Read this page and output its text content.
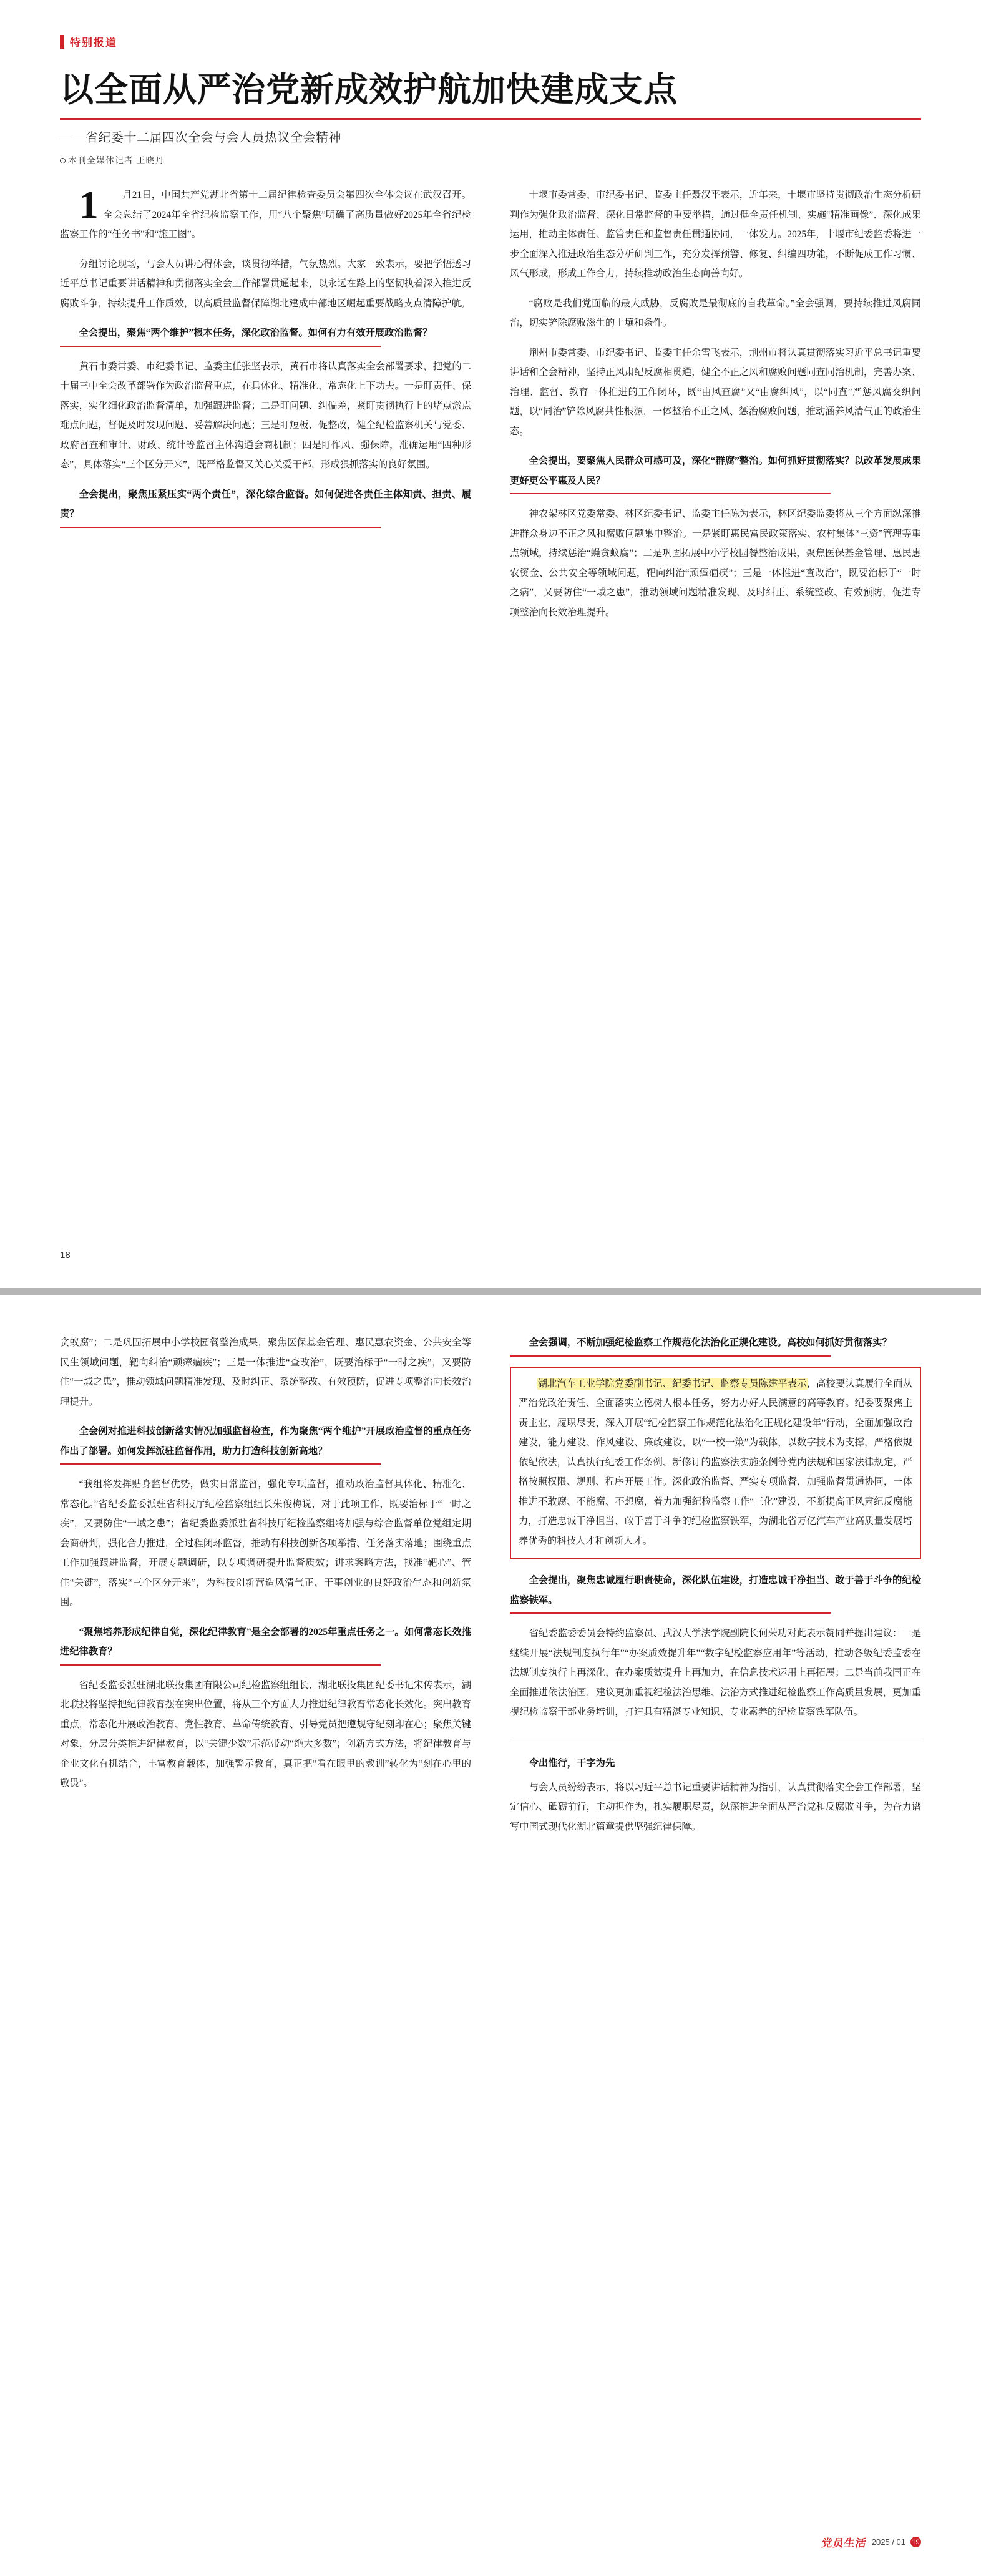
特别报道
以全面从严治党新成效护航加快建成支点
——省纪委十二届四次全会与会人员热议全会精神
本刊全媒体记者 王晓丹

1	月21日，中国共产党湖北省第十二届纪律检查委员会第四次全体会议在武汉召开。全会总结了2024年全省纪检监察工作，用“八个聚焦”明确了高质量做好2025年全省纪检监察工作的“任务书”和“施工图”。

分组讨论现场，与会人员讲心得体会，谈贯彻举措，气氛热烈。大家一致表示，要把学悟透习近平总书记重要讲话精神和贯彻落实全会工作部署贯通起来，以永远在路上的坚韧执着深入推进反腐败斗争，持续提升工作质效，以高质量监督保障湖北建成中部地区崛起重要战略支点清障护航。

全会提出，聚焦“两个维护”根本任务，深化政治监督。如何有力有效开展政治监督？

黄石市委常委、市纪委书记、监委主任张坚表示，黄石市将认真落实全会部署要求，把党的二十届三中全会改革部署作为政治监督重点，在具体化、精准化、常态化上下功夫。一是盯责任、保落实，实化细化政治监督清单，加强跟进监督；二是盯问题、纠偏差，紧盯贯彻执行上的堵点淤点难点问题，督促及时发现问题、妥善解决问题；三是盯短板、促整改，健全纪检监察机关与党委、政府督查和审计、财政、统计等监督主体沟通会商机制；四是盯作风、强保障，准确运用“四种形态”，具体落实“三个区分开来”，既严格监督又关心关爱干部，形成狠抓落实的良好氛围。

全会提出，聚焦压紧压实“两个责任”，深化综合监督。如何促进各责任主体知责、担责、履责？

十堰市委常委、市纪委书记、监委主任聂汉平表示，近年来，十堰市坚持贯彻政治生态分析研判作为强化政治监督、深化日常监督的重要举措，通过健全责任机制、实施“精准画像”、深化成果运用，推动主体责任、监管责任和监督责任贯通协同，一体发力。2025年，十堰市纪委监委将进一步全面深入推进政治生态分析研判工作，充分发挥预警、修复、纠编四功能，不断促成工作习惯、风气形成，形成工作合力，持续推动政治生态向善向好。

“腐败是我们党面临的最大威胁，反腐败是最彻底的自我革命。”全会强调，要持续推进风腐同治，切实铲除腐败滋生的土壤和条件。

荆州市委常委、市纪委书记、监委主任余雪飞表示，荆州市将认真贯彻落实习近平总书记重要讲话和全会精神，坚持正风肃纪反腐相贯通，健全不正之风和腐败问题同查同治机制，完善办案、治理、监督、教育一体推进的工作闭环，既“由风查腐”又“由腐纠风”，以“同查”严惩风腐交织问题，以“同治”铲除风腐共性根源，一体整治不正之风、惩治腐败问题，推动涵养风清气正的政治生态。

全会提出，要聚焦人民群众可感可及，深化“群腐”整治。如何抓好贯彻落实？以改革发展成果更好更公平惠及人民？

神农架林区党委常委、林区纪委书记、监委主任陈为表示，林区纪委监委将从三个方面纵深推进群众身边不正之风和腐败问题集中整治。一是紧盯惠民富民政策落实、农村集体“三资”管理等重点领域，持续惩治“蝇贪蚁腐”；二是巩固拓展中小学校园餐整治成果，聚焦医保基金管理、惠民惠农资金、公共安全等领域问题，靶向纠治“顽瘴痼疾”；三是一体推进“查改治”，既要治标于“一时之病”，又要防住“一域之患”，推动领域问题精准发现、及时纠正、系统整改、有效预防，促进专项整治向长效治理提升。

18

贪蚁腐”；二是巩固拓展中小学校园餐整治成果，聚焦医保基金管理、惠民惠农资金、公共安全等民生领域问题，靶向纠治“顽瘴痼疾”；三是一体推进“查改治”，既要治标于“一时之疾”，又要防住“一域之患”，推动领域问题精准发现、及时纠正、系统整改、有效预防，促进专项整治向长效治理提升。

全会例对推进科技创新落实情况加强监督检查，作为聚焦“两个维护”开展政治监督的重点任务作出了部署。如何发挥派驻监督作用，助力打造科技创新高地？

“我组将发挥贴身监督优势，做实日常监督，强化专项监督，推动政治监督具体化、精准化、常态化。”省纪委监委派驻省科技厅纪检监察组组长朱俊梅说，对于此项工作，既要治标于“一时之疾”，又要防住“一域之患”；省纪委监委派驻省科技厅纪检监察组将加强与综合监督单位党组定期会商研判，强化合力推进，全过程闭环监督，推动有科技创新各项举措、任务落实落地；围绕重点工作加强跟进监督，开展专题调研，以专项调研提升监督质效；讲求案略方法，找准“靶心”、管住“关键”，落实“三个区分开来”，为科技创新营造风清气正、干事创业的良好政治生态和创新氛围。

“聚焦培养形成纪律自觉，深化纪律教育”是全会部署的2025年重点任务之一。如何常态长效推进纪律教育？

省纪委监委派驻湖北联投集团有限公司纪检监察组组长、湖北联投集团纪委书记宋传表示，湖北联投将坚持把纪律教育摆在突出位置，将从三个方面大力推进纪律教育常态化长效化。突出教育重点，常态化开展政治教育、党性教育、革命传统教育、引导党员把遵规守纪刻印在心；聚焦关键对象，分层分类推进纪律教育，以“关键少数”示范带动“绝大多数”；创新方式方法，将纪律教育与企业文化有机结合，丰富教育载体，加强警示教育，真正把“看在眼里的教训”转化为“刻在心里的敬畏”。

全会强调，不断加强纪检监察工作规范化法治化正规化建设。高校如何抓好贯彻落实？

湖北汽车工业学院党委副书记、纪委书记、监察专员陈建平表示，高校要认真履行全面从严治党政治责任、全面落实立德树人根本任务，努力办好人民满意的高等教育。纪委要聚焦主责主业，履职尽责，深入开展“纪检监察工作规范化法治化正规化建设年”行动，全面加强政治建设，能力建设、作风建设、廉政建设，以“一校一策”为载体，以数字技术为支撑，严格依规依纪依法，认真执行纪委工作条例、新修订的监察法实施条例等党内法规和国家法律规定，严格按照权限、规则、程序开展工作。深化政治监督、严实专项监督，加强监督贯通协同，一体推进不敢腐、不能腐、不想腐，着力加强纪检监察工作“三化”建设，不断提高正风肃纪反腐能力，打造忠诚干净担当、敢于善于斗争的纪检监察铁军，为湖北省万亿汽车产业高质量发展培养优秀的科技人才和创新人才。

全会提出，聚焦忠诚履行职责使命，深化队伍建设，打造忠诚干净担当、敢于善于斗争的纪检监察铁军。

省纪委监委委员会特约监察员、武汉大学法学院副院长何荣功对此表示赞同并提出建议：一是继续开展“法规制度执行年”“办案质效提升年”“数字纪检监察应用年”等活动，推动各级纪委监委在法规制度执行上再深化，在办案质效提升上再加力，在信息技术运用上再拓展；二是当前我国正在全面推进依法治国，建议更加重视纪检法治思维、法治方式推进纪检监察工作高质量发展，更加重视纪检监察干部业务培训，打造具有精湛专业知识、专业素养的纪检监察铁军队伍。

令出惟行，干字为先

与会人员纷纷表示，将以习近平总书记重要讲话精神为指引，认真贯彻落实全会工作部署，坚定信心、砥砺前行，主动担作为，扎实履职尽责，纵深推进全面从严治党和反腐败斗争，为奋力谱写中国式现代化湖北篇章提供坚强纪律保障。

党员生活 2025 / 01 19
